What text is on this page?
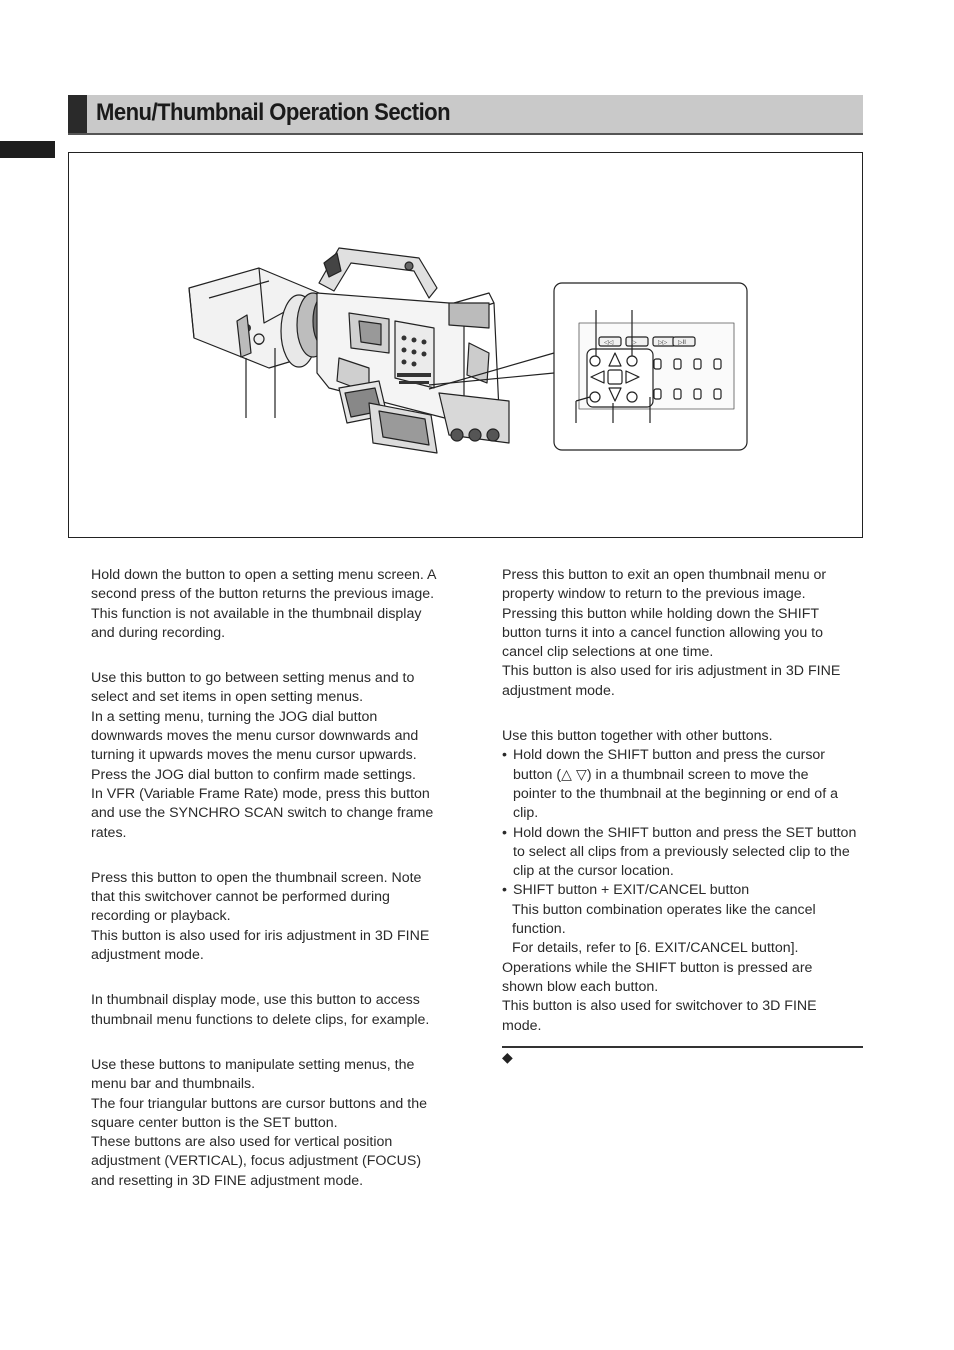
Menu/Thumbnail Operation Section
◁◁	▷	▷▷ ▷II

Hold down the button to open a setting menu screen. A

second press of the button returns the previous image.

This function is not available in the thumbnail display

and during recording.

Use this button to go between setting menus and to

select and set items in open setting menus.

In a setting menu, turning the JOG dial button

downwards moves the menu cursor downwards and

turning it upwards moves the menu cursor upwards.

Press the JOG dial button to confirm made settings.

In VFR (Variable Frame Rate) mode, press this button

and use the SYNCHRO SCAN switch to change frame

rates.

Press this button to open the thumbnail screen. Note

that this switchover cannot be performed during

recording or playback.

This button is also used for iris adjustment in 3D FINE

adjustment mode.

In thumbnail display mode, use this button to access

thumbnail menu functions to delete clips, for example.

Use these buttons to manipulate setting menus, the

menu bar and thumbnails.

The four triangular buttons are cursor buttons and the

square center button is the SET button.

These buttons are also used for vertical position

adjustment (VERTICAL), focus adjustment (FOCUS)

and resetting in 3D FINE adjustment mode.

Press this button to exit an open thumbnail menu or

property window to return to the previous image.

Pressing this button while holding down the SHIFT

button turns it into a cancel function allowing you to

cancel clip selections at one time.

This button is also used for iris adjustment in 3D FINE

adjustment mode.

Use this button together with other buttons.

• Hold down the SHIFT button and press the cursor

button (△ ▽) in a thumbnail screen to move the

pointer to the thumbnail at the beginning or end of a

clip.

• Hold down the SHIFT button and press the SET button

to select all clips from a previously selected clip to the

clip at the cursor location.

• SHIFT button + EXIT/CANCEL button

This button combination operates like the cancel

function.

For details, refer to [6. EXIT/CANCEL button].

Operations while the SHIFT button is pressed are

shown blow each button.

This button is also used for switchover to 3D FINE

mode.

◆
